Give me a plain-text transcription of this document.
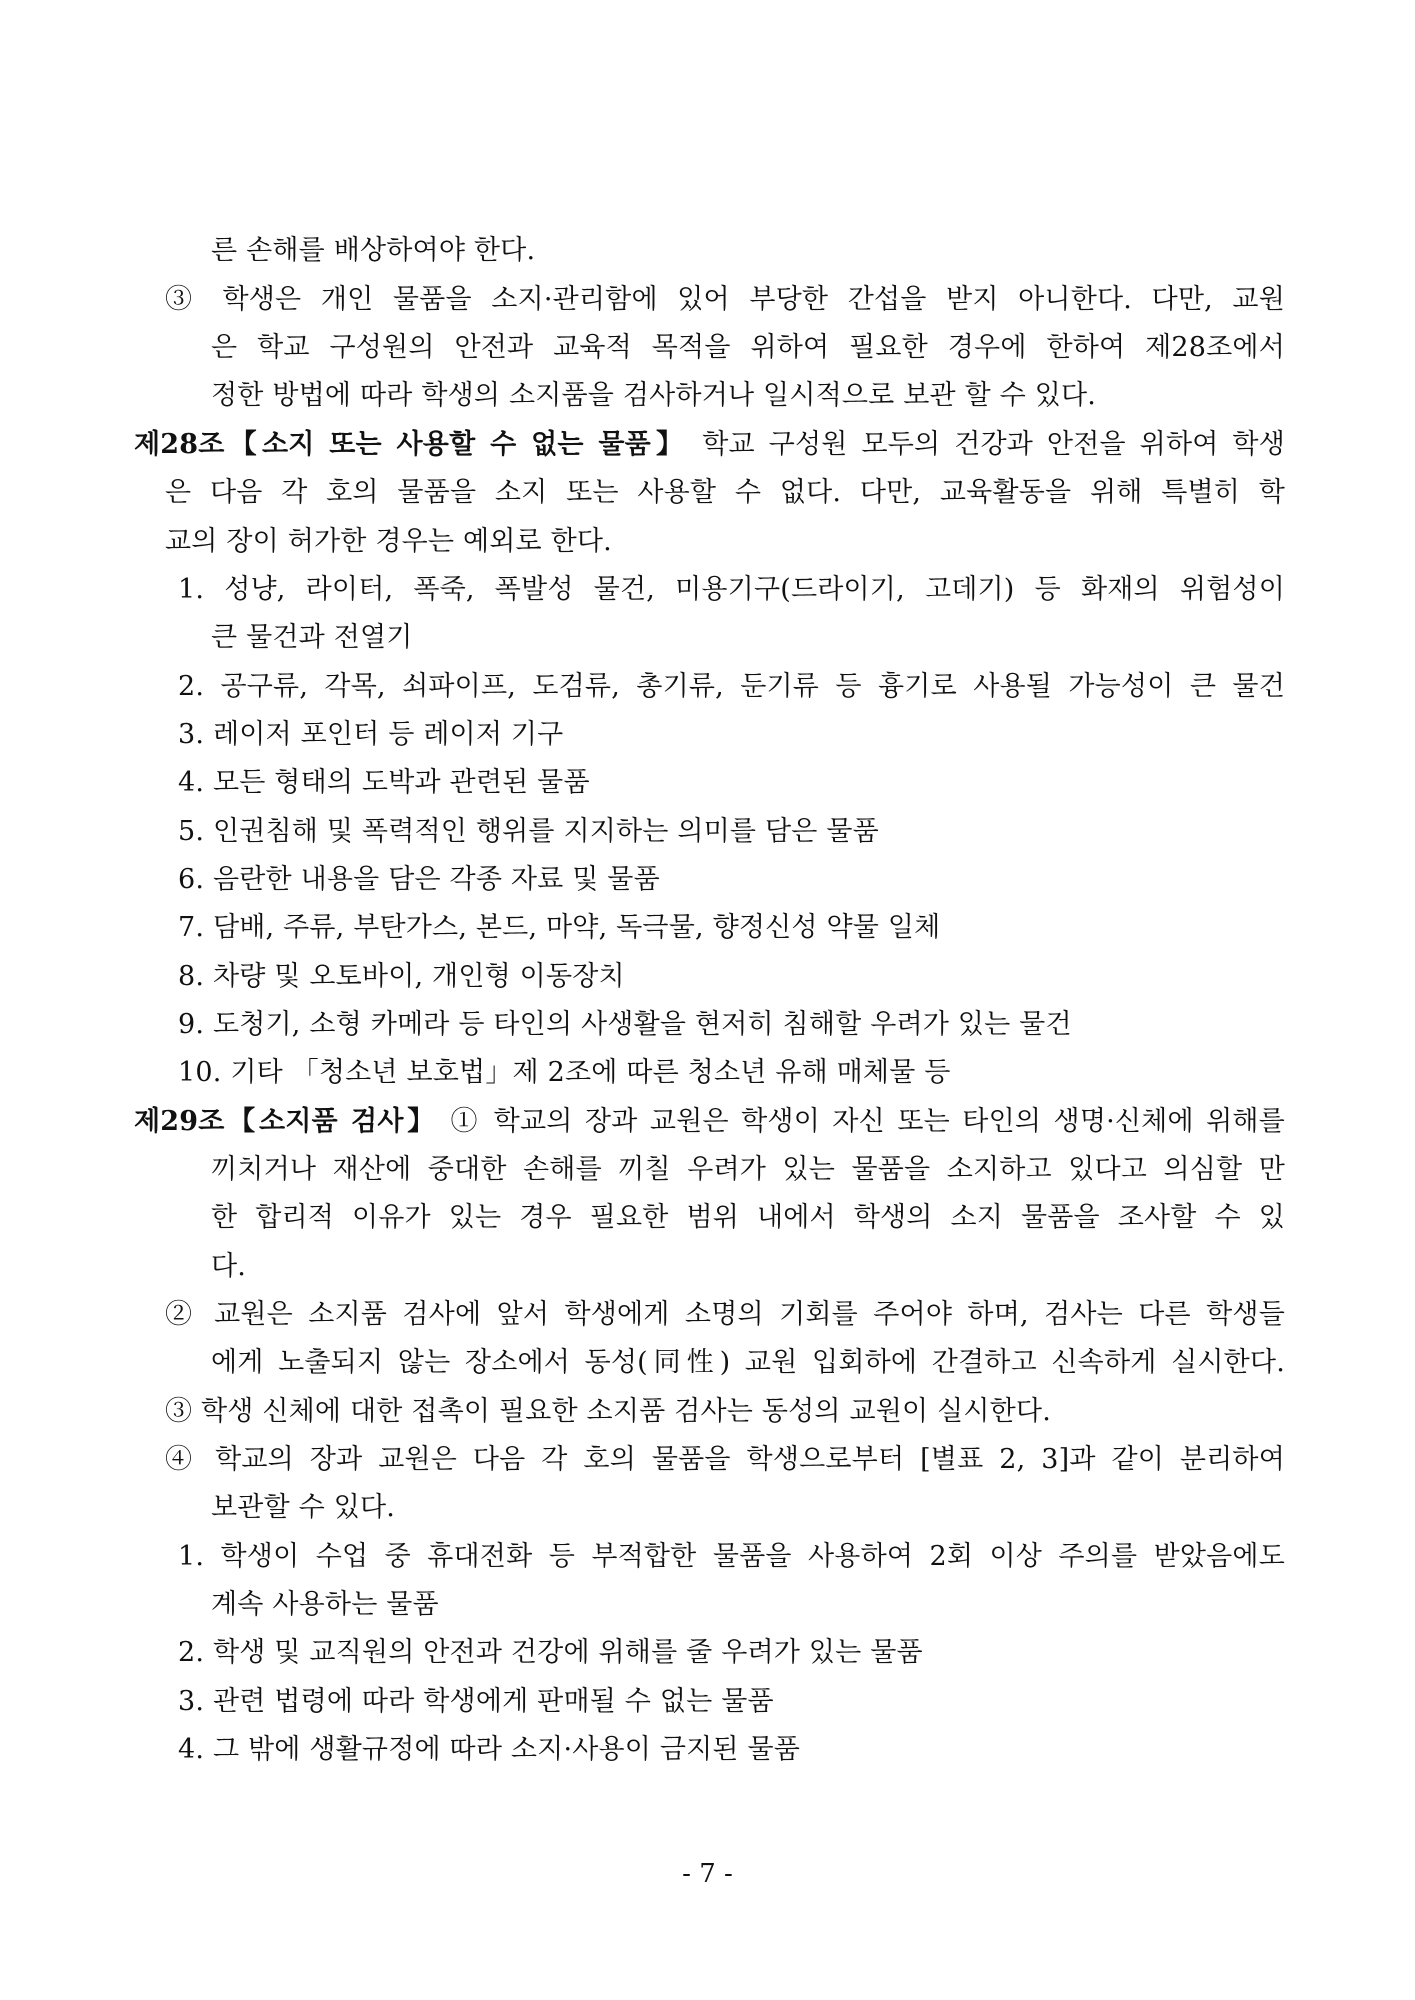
른 손해를 배상하여야 한다.
③ 학생은 개인 물품을 소지·관리함에 있어 부당한 간섭을 받지 아니한다. 다만, 교원
은 학교 구성원의 안전과 교육적 목적을 위하여 필요한 경우에 한하여 제28조에서
정한 방법에 따라 학생의 소지품을 검사하거나 일시적으로 보관 할 수 있다.
제28조【소지 또는 사용할 수 없는 물품】 학교 구성원 모두의 건강과 안전을 위하여 학생
은 다음 각 호의 물품을 소지 또는 사용할 수 없다. 다만, 교육활동을 위해 특별히 학
교의 장이 허가한 경우는 예외로 한다.
1. 성냥, 라이터, 폭죽, 폭발성 물건, 미용기구(드라이기, 고데기) 등 화재의 위험성이
큰 물건과 전열기
2. 공구류, 각목, 쇠파이프, 도검류, 총기류, 둔기류 등 흉기로 사용될 가능성이 큰 물건
3. 레이저 포인터 등 레이저 기구
4. 모든 형태의 도박과 관련된 물품
5. 인권침해 및 폭력적인 행위를 지지하는 의미를 담은 물품
6. 음란한 내용을 담은 각종 자료 및 물품
7. 담배, 주류, 부탄가스, 본드, 마약, 독극물, 향정신성 약물 일체
8. 차량 및 오토바이, 개인형 이동장치
9. 도청기, 소형 카메라 등 타인의 사생활을 현저히 침해할 우려가 있는 물건
10. 기타 「청소년 보호법」제 2조에 따른 청소년 유해 매체물 등
제29조【소지품 검사】 ① 학교의 장과 교원은 학생이 자신 또는 타인의 생명·신체에 위해를
끼치거나 재산에 중대한 손해를 끼칠 우려가 있는 물품을 소지하고 있다고 의심할 만
한 합리적 이유가 있는 경우 필요한 범위 내에서 학생의 소지 물품을 조사할 수 있
다.
② 교원은 소지품 검사에 앞서 학생에게 소명의 기회를 주어야 하며, 검사는 다른 학생들
에게 노출되지 않는 장소에서 동성(同性) 교원 입회하에 간결하고 신속하게 실시한다.
③ 학생 신체에 대한 접촉이 필요한 소지품 검사는 동성의 교원이 실시한다.
④ 학교의 장과 교원은 다음 각 호의 물품을 학생으로부터 [별표 2, 3]과 같이 분리하여
보관할 수 있다.
1. 학생이 수업 중 휴대전화 등 부적합한 물품을 사용하여 2회 이상 주의를 받았음에도
계속 사용하는 물품
2. 학생 및 교직원의 안전과 건강에 위해를 줄 우려가 있는 물품
3. 관련 법령에 따라 학생에게 판매될 수 없는 물품
4. 그 밖에 생활규정에 따라 소지·사용이 금지된 물품
- 7 -
